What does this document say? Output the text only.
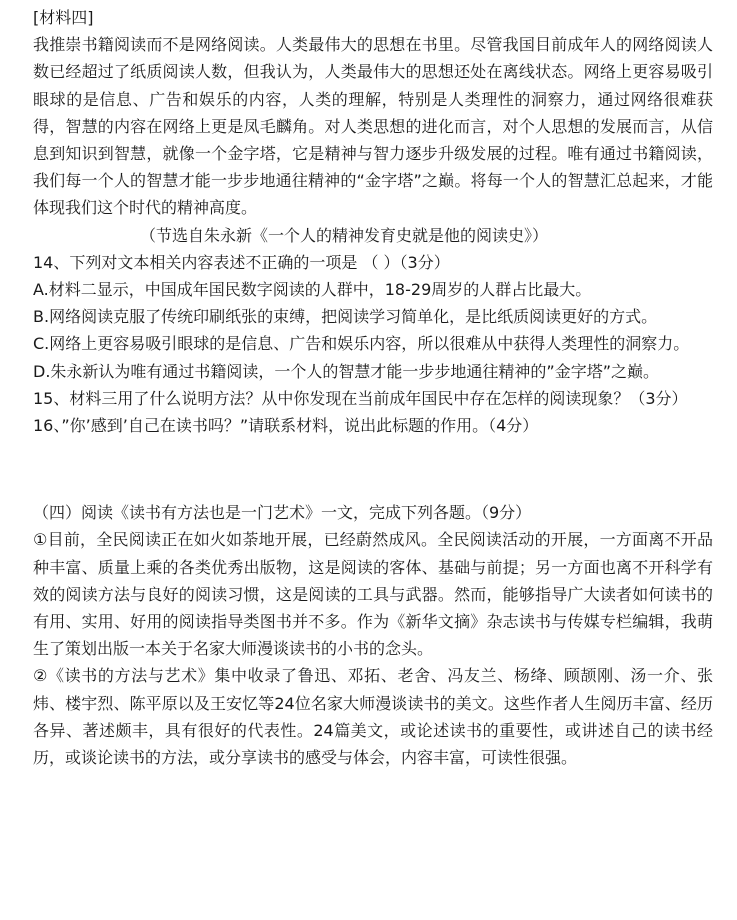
[材料四]

我推崇书籍阅读而不是网络阅读。人类最伟大的思想在书里。尽管我国目前成年人的网络阅读人数已经超过了纸质阅读人数，但我认为，人类最伟大的思想还处在离线状态。网络上更容易吸引眼球的是信息、广告和娱乐的内容，人类的理解，特别是人类理性的洞察力，通过网络很难获得，智慧的内容在网络上更是凤毛麟角。对人类思想的进化而言，对个人思想的发展而言，从信息到知识到智慧，就像一个金字塔，它是精神与智力逐步升级发展的过程。唯有通过书籍阅读，我们每一个人的智慧才能一步步地通往精神的“金字塔”之巅。将每一个人的智慧汇总起来，才能体现我们这个时代的精神高度。

（节选自朱永新《一个人的精神发育史就是他的阅读史》）

14、下列对文本相关内容表述不正确的一项是 （ ）（3分）

A.材料二显示，中国成年国民数字阅读的人群中，18-29周岁的人群占比最大。

B.网络阅读克服了传统印刷纸张的束缚，把阅读学习简单化，是比纸质阅读更好的方式。

C.网络上更容易吸引眼球的是信息、广告和娱乐内容，所以很难从中获得人类理性的洞察力。

D.朱永新认为唯有通过书籍阅读，一个人的智慧才能一步步地通往精神的”金字塔”之巅。

15、材料三用了什么说明方法？从中你发现在当前成年国民中存在怎样的阅读现象？（3分）

16、”你’感到’自己在读书吗？”请联系材料，说出此标题的作用。（4分）

（四）阅读《读书有方法也是一门艺术》一文，完成下列各题。（9分）

①目前，全民阅读正在如火如荼地开展，已经蔚然成风。全民阅读活动的开展，一方面离不开品种丰富、质量上乘的各类优秀出版物，这是阅读的客体、基础与前提；另一方面也离不开科学有效的阅读方法与良好的阅读习惯，这是阅读的工具与武器。然而，能够指导广大读者如何读书的有用、实用、好用的阅读指导类图书并不多。作为《新华文摘》杂志读书与传媒专栏编辑，我萌生了策划出版一本关于名家大师漫谈读书的小书的念头。

②《读书的方法与艺术》集中收录了鲁迅、邓拓、老舍、冯友兰、杨绛、顾颉刚、汤一介、张炜、楼宇烈、陈平原以及王安忆等24位名家大师漫谈读书的美文。这些作者人生阅历丰富、经历各异、著述颇丰，具有很好的代表性。24篇美文，或论述读书的重要性，或讲述自己的读书经历，或谈论读书的方法，或分享读书的感受与体会，内容丰富，可读性很强。
